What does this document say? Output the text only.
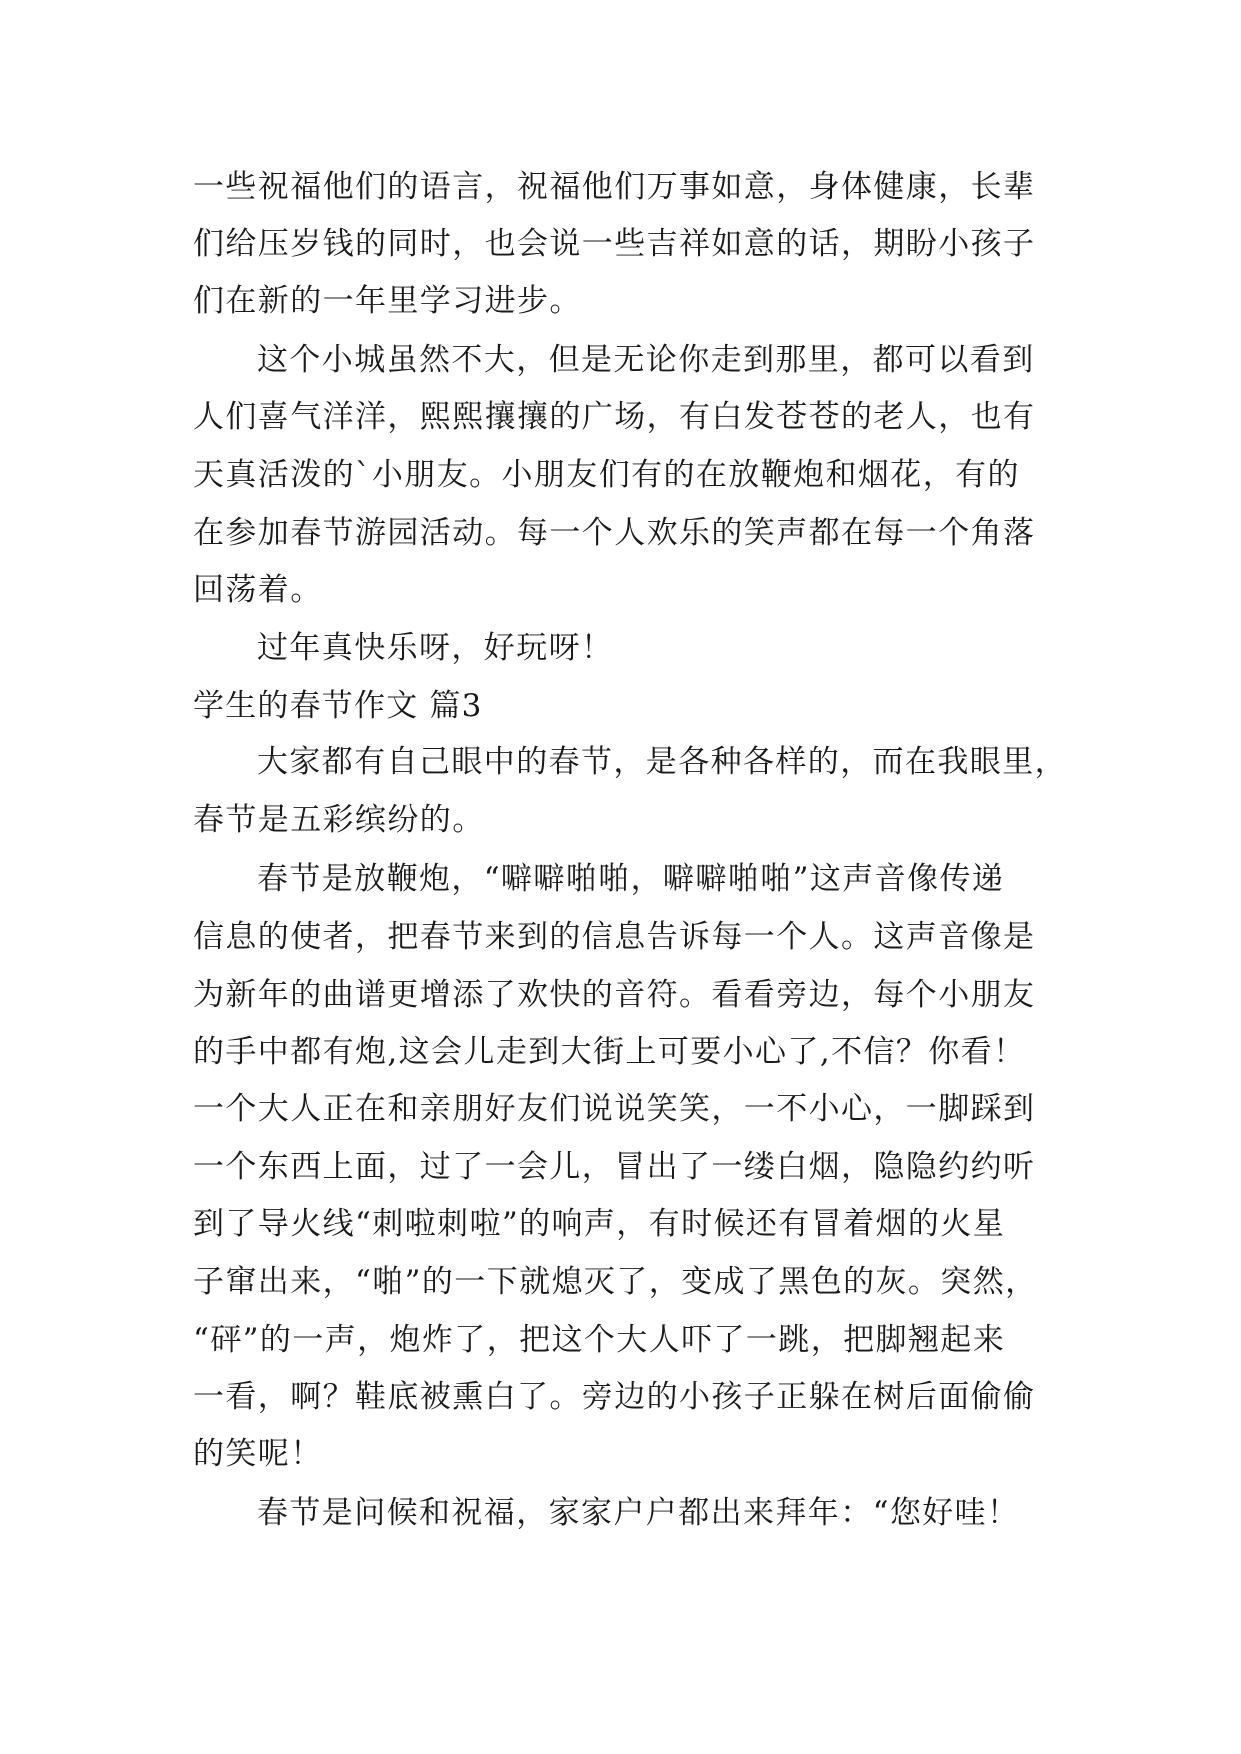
一些祝福他们的语言，祝福他们万事如意，身体健康，长辈
们给压岁钱的同时，也会说一些吉祥如意的话，期盼小孩子
们在新的一年里学习进步。
这个小城虽然不大，但是无论你走到那里，都可以看到
人们喜气洋洋，熙熙攘攘的广场，有白发苍苍的老人，也有
天真活泼的`小朋友。小朋友们有的在放鞭炮和烟花，有的
在参加春节游园活动。每一个人欢乐的笑声都在每一个角落
回荡着。
过年真快乐呀，好玩呀！
学生的春节作文 篇3
大家都有自己眼中的春节，是各种各样的，而在我眼里，
春节是五彩缤纷的。
春节是放鞭炮，“噼噼啪啪，噼噼啪啪”这声音像传递
信息的使者，把春节来到的信息告诉每一个人。这声音像是
为新年的曲谱更增添了欢快的音符。看看旁边，每个小朋友
的手中都有炮,这会儿走到大街上可要小心了,不信？你看！
一个大人正在和亲朋好友们说说笑笑，一不小心，一脚踩到
一个东西上面，过了一会儿，冒出了一缕白烟，隐隐约约听
到了导火线“刺啦刺啦”的响声，有时候还有冒着烟的火星
子窜出来，“啪”的一下就熄灭了，变成了黑色的灰。突然，
“砰”的一声，炮炸了，把这个大人吓了一跳，把脚翘起来
一看，啊？鞋底被熏白了。旁边的小孩子正躲在树后面偷偷
的笑呢！
春节是问候和祝福，家家户户都出来拜年：“您好哇！
